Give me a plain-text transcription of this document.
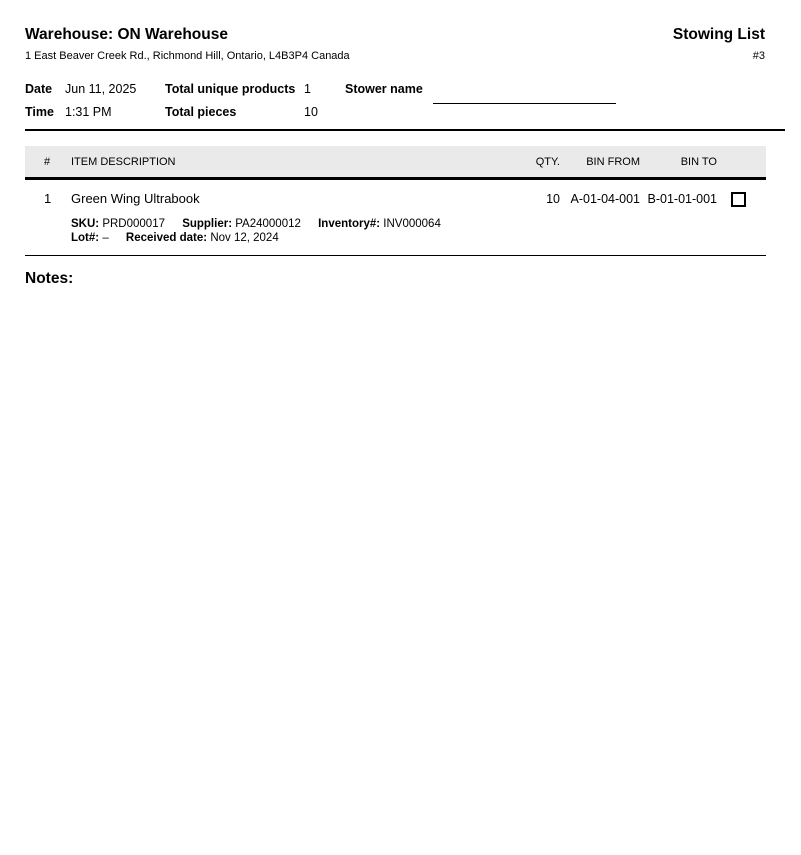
Warehouse: ON Warehouse	Stowing List
1 East Beaver Creek Rd., Richmond Hill, Ontario, L4B3P4 Canada	#3
Date Jun 11, 2025 Total unique products 1	Stower name
Time 1:31 PM	Total pieces	10
#	ITEM DESCRIPTION	QTY.	BIN FROM	BIN TO
1	Green Wing Ultrabook	10 A-01-04-001 B-01-01-001
SKU: PRD000017 Supplier: PA24000012 Inventory#: INV000064
Lot#: – Received date: Nov 12, 2024
Notes:
